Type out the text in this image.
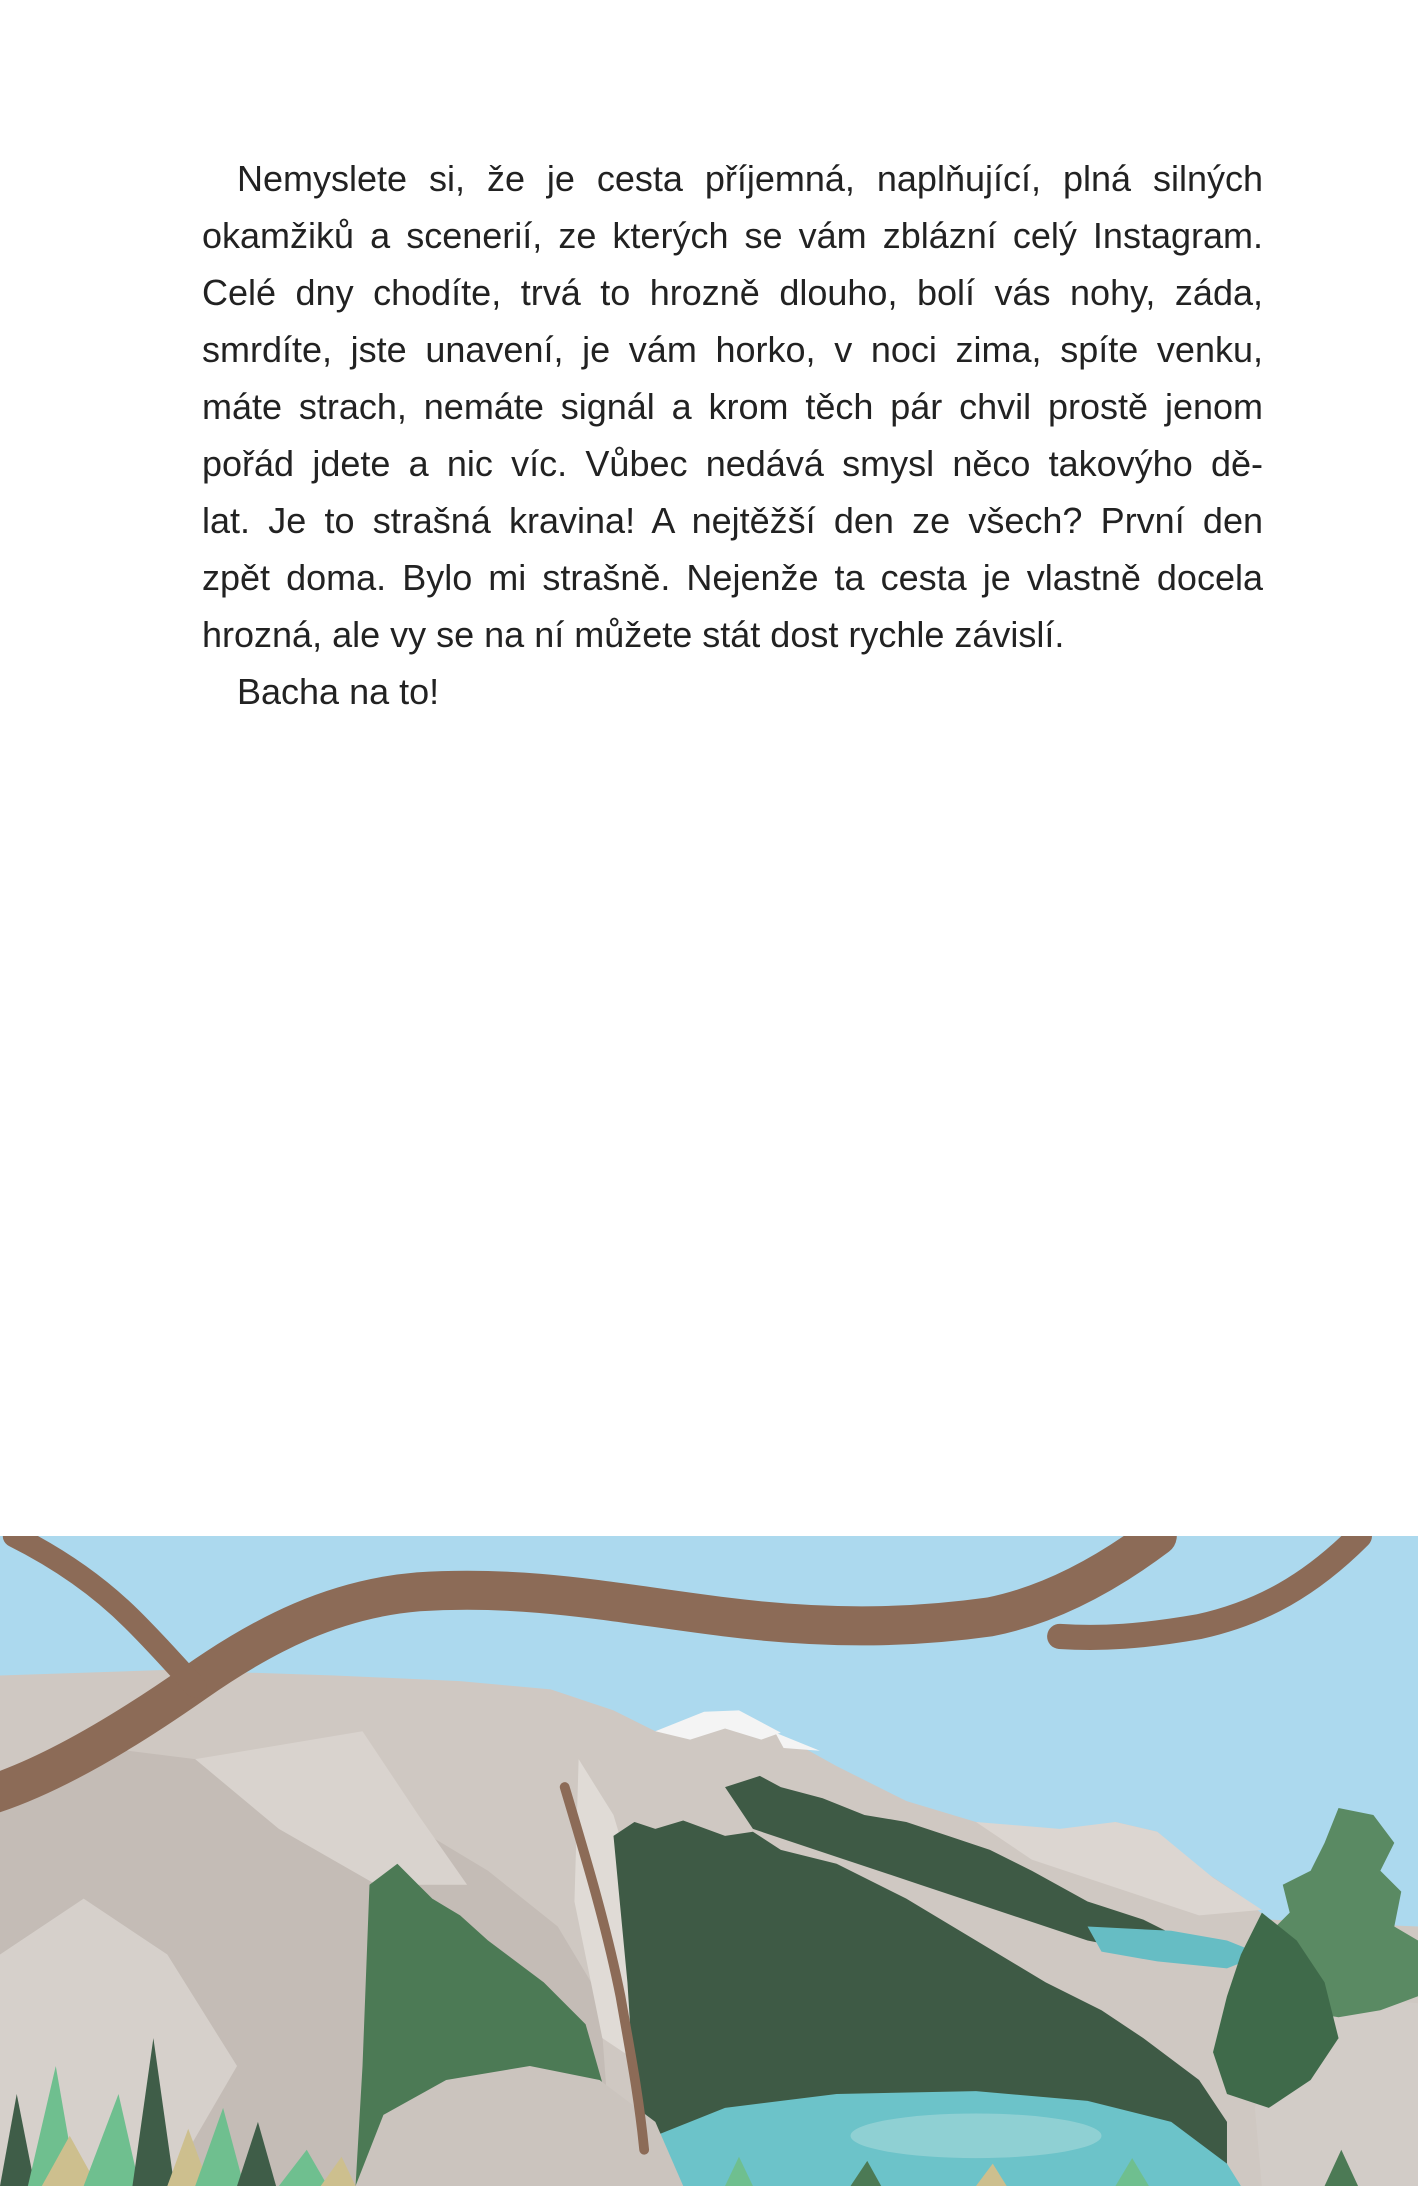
Nemyslete si, že je cesta příjemná, naplňující, plná silných
okamžiků a scenerií, ze kterých se vám zblázní celý Instagram.
Celé dny chodíte, trvá to hrozně dlouho, bolí vás nohy, záda,
smrdíte, jste unavení, je vám horko, v noci zima, spíte venku,
máte strach, nemáte signál a krom těch pár chvil prostě jenom
pořád jdete a nic víc. Vůbec nedává smysl něco takovýho dě-
lat. Je to strašná kravina! A nejtěžší den ze všech? První den
zpět doma. Bylo mi strašně. Nejenže ta cesta je vlastně docela
hrozná, ale vy se na ní můžete stát dost rychle závislí.
Bacha na to!
